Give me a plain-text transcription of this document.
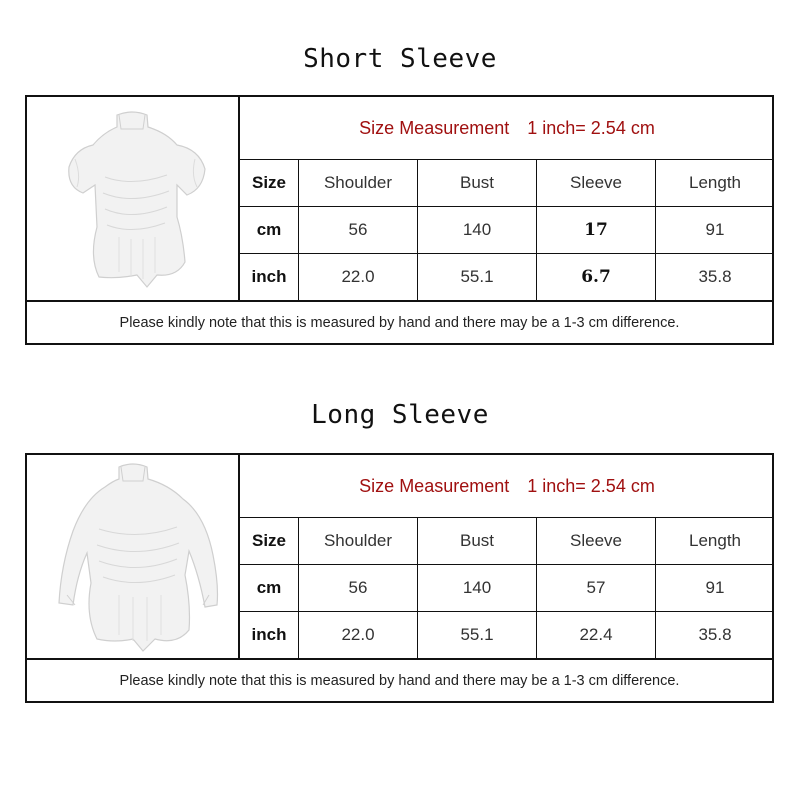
Short Sleeve
Size Measurement 1 inch= 2.54 cm
Size	Shoulder	Bust	Sleeve	Length
cm	56	140	17	91
inch	22.0	55.1	6.7	35.8
Please kindly note that this is measured by hand and there may be a 1-3 cm difference.
Long Sleeve
Size Measurement 1 inch= 2.54 cm
Size	Shoulder	Bust	Sleeve	Length
cm	56	140	57	91
inch	22.0	55.1	22.4	35.8
Please kindly note that this is measured by hand and there may be a 1-3 cm difference.
